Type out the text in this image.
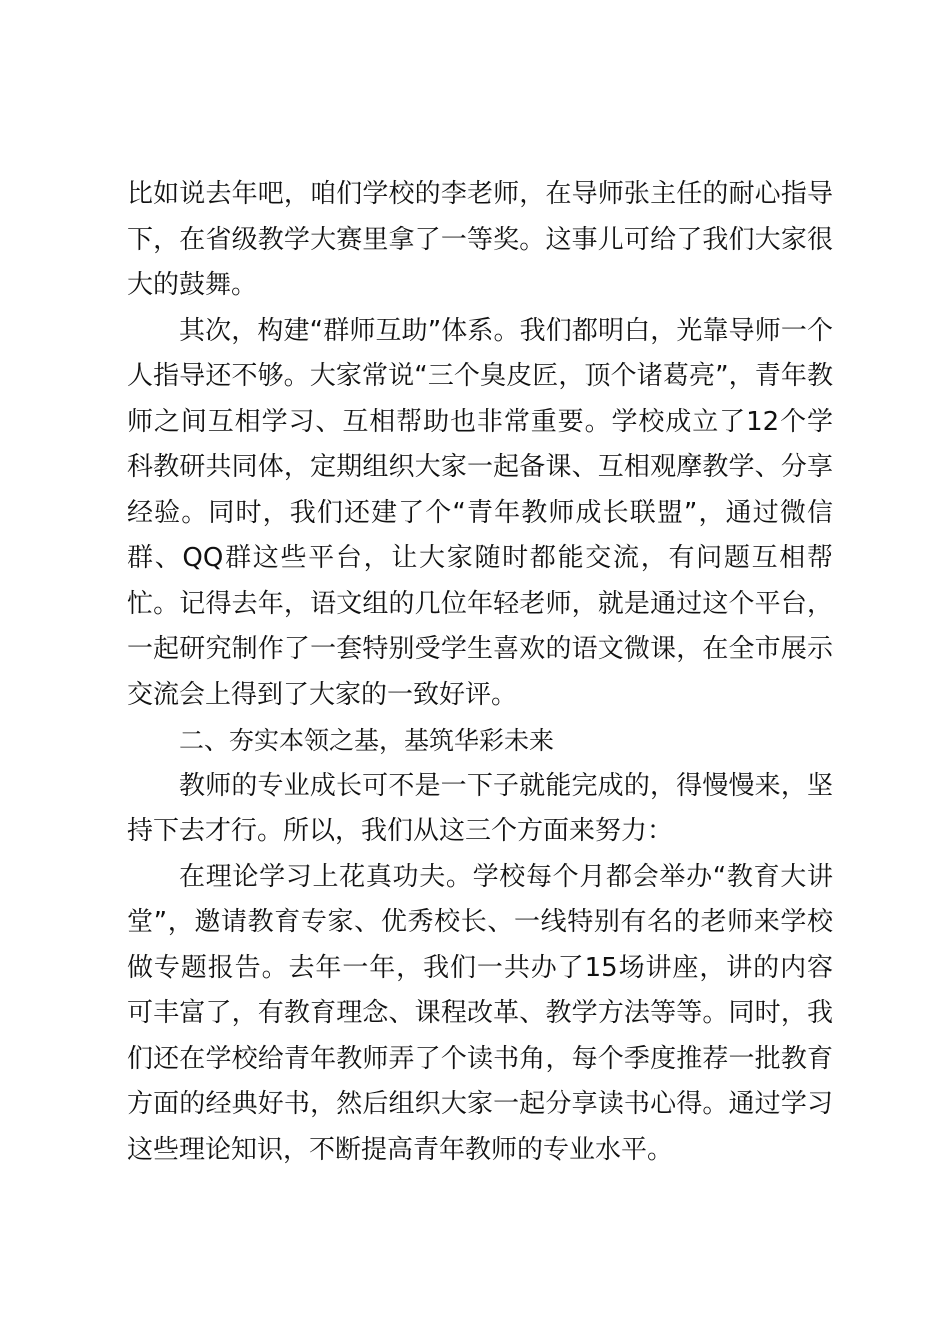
比如说去年吧，咱们学校的李老师，在导师张主任的耐心指导下，在省级教学大赛里拿了一等奖。这事儿可给了我们大家很大的鼓舞。

其次，构建“群师互助”体系。我们都明白，光靠导师一个人指导还不够。大家常说“三个臭皮匠，顶个诸葛亮”，青年教师之间互相学习、互相帮助也非常重要。学校成立了12个学科教研共同体，定期组织大家一起备课、互相观摩教学、分享经验。同时，我们还建了个“青年教师成长联盟”，通过微信群、QQ群这些平台，让大家随时都能交流，有问题互相帮忙。记得去年，语文组的几位年轻老师，就是通过这个平台，一起研究制作了一套特别受学生喜欢的语文微课，在全市展示交流会上得到了大家的一致好评。

二、夯实本领之基，基筑华彩未来

教师的专业成长可不是一下子就能完成的，得慢慢来，坚持下去才行。所以，我们从这三个方面来努力：

在理论学习上花真功夫。学校每个月都会举办“教育大讲堂”，邀请教育专家、优秀校长、一线特别有名的老师来学校做专题报告。去年一年，我们一共办了15场讲座，讲的内容可丰富了，有教育理念、课程改革、教学方法等等。同时，我们还在学校给青年教师弄了个读书角，每个季度推荐一批教育方面的经典好书，然后组织大家一起分享读书心得。通过学习这些理论知识，不断提高青年教师的专业水平。
